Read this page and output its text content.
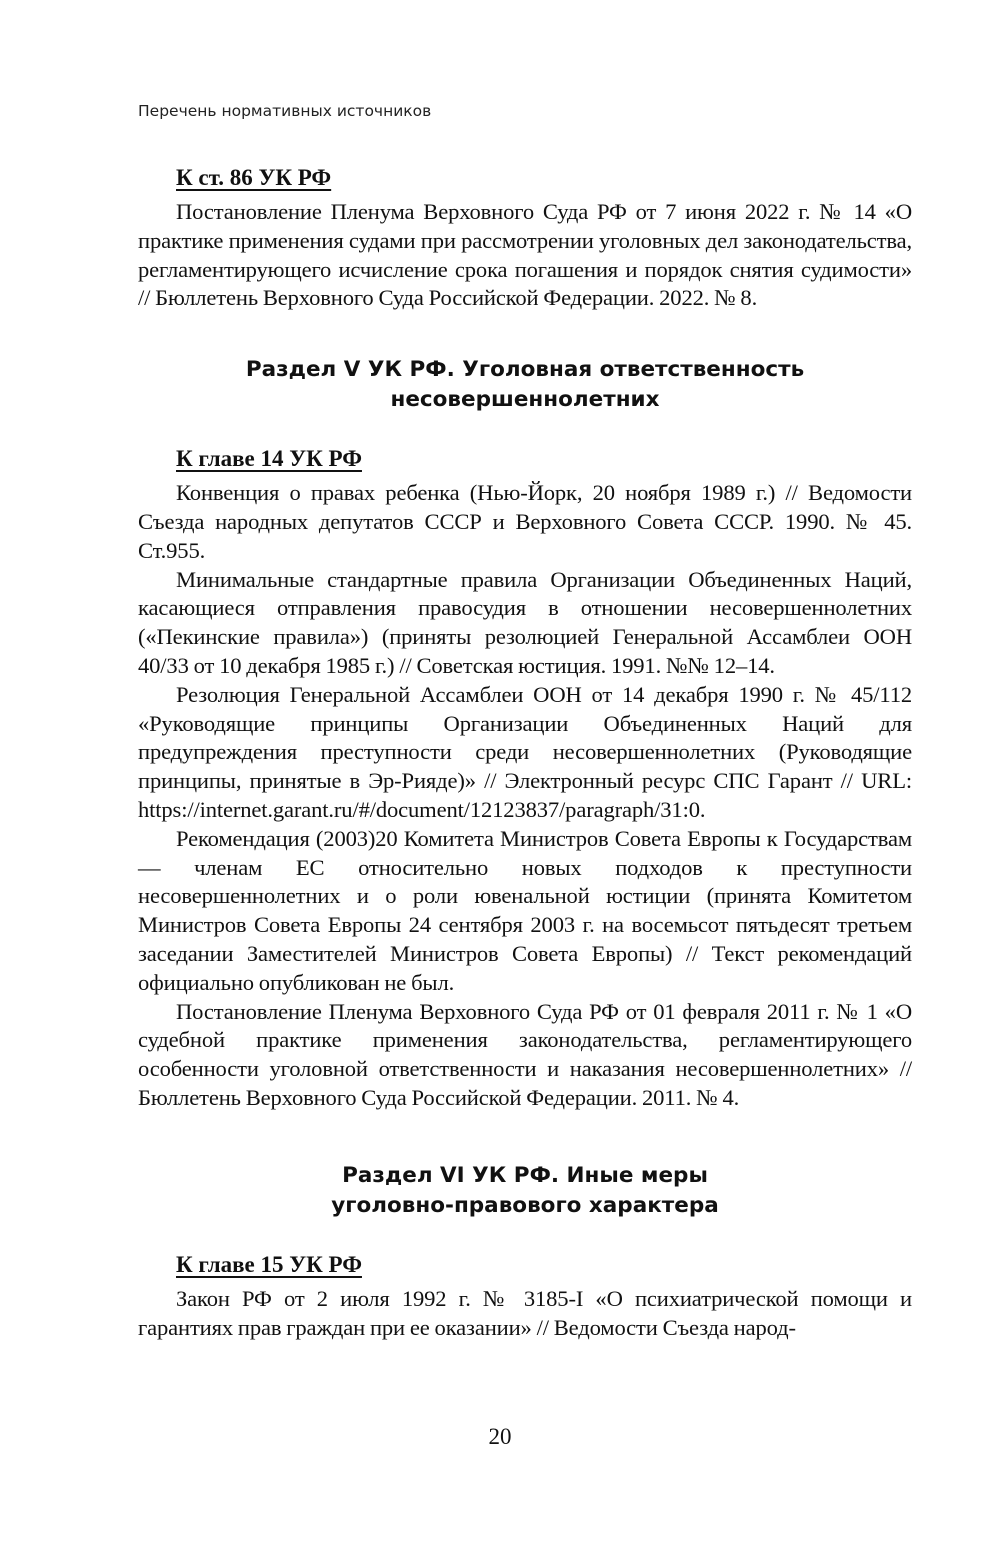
Перечень нормативных источников
К ст. 86 УК РФ

Постановление Пленума Верховного Суда РФ от 7 июня 2022 г. № 14 «О практике применения судами при рассмотрении уголовных дел законодательства, регламентирующего исчисление срока погашения и порядок снятия судимости» // Бюллетень Верховного Суда Российской Федерации. 2022. № 8.

Раздел V УК РФ. Уголовная ответственность
несовершеннолетних

К главе 14 УК РФ

Конвенция о правах ребенка (Нью-Йорк, 20 ноября 1989 г.) // Ведомости Съезда народных депутатов СССР и Верховного Совета СССР. 1990. № 45. Ст.955.

Минимальные стандартные правила Организации Объединенных Наций, касающиеся отправления правосудия в отношении несовершеннолетних («Пекинские правила») (приняты резолюцией Генеральной Ассамблеи ООН 40/33 от 10 декабря 1985 г.) // Советская юстиция. 1991. №№ 12–14.

Резолюция Генеральной Ассамблеи ООН от 14 декабря 1990 г. № 45/112 «Руководящие принципы Организации Объединенных Наций для предупреждения преступности среди несовершеннолетних (Руководящие принципы, принятые в Эр-Рияде)» // Электронный ресурс СПС Гарант // URL: https://internet.garant.ru/#/document/12123837/paragraph/31:0.

Рекомендация (2003)20 Комитета Министров Совета Европы к Государствам — членам ЕС относительно новых подходов к преступности несовершеннолетних и о роли ювенальной юстиции (принята Комитетом Министров Совета Европы 24 сентября 2003 г. на восемьсот пятьдесят третьем заседании Заместителей Министров Совета Европы) // Текст рекомендаций официально опубликован не был.

Постановление Пленума Верховного Суда РФ от 01 февраля 2011 г. № 1 «О судебной практике применения законодательства, регламентирующего особенности уголовной ответственности и наказания несовершеннолетних» // Бюллетень Верховного Суда Российской Федерации. 2011. № 4.

Раздел VI УК РФ. Иные меры
уголовно-правового характера

К главе 15 УК РФ

Закон РФ от 2 июля 1992 г. № 3185-I «О психиатрической помощи и гарантиях прав граждан при ее оказании» // Ведомости Съезда народ-

20
